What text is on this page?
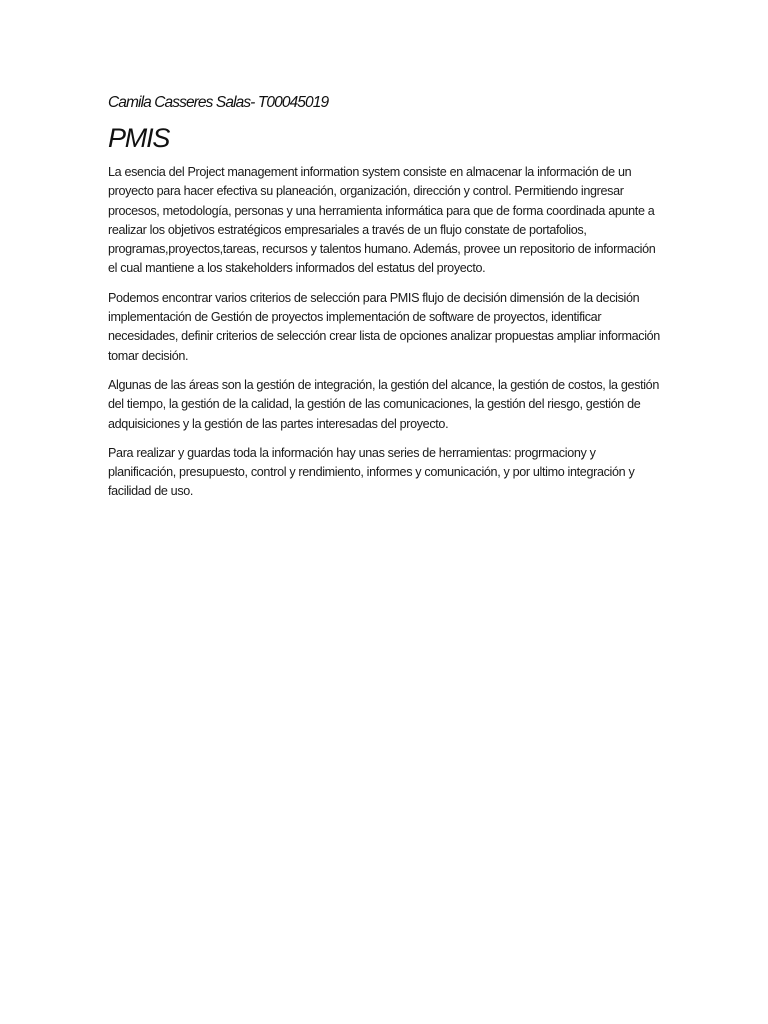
Camila Casseres Salas- T00045019
PMIS

La esencia del Project management information system consiste en almacenar la información de un proyecto para hacer efectiva su planeación, organización, dirección y control. Permitiendo ingresar procesos, metodología, personas y una herramienta informática para que de forma coordinada apunte a realizar los objetivos estratégicos empresariales a través de un flujo constate de portafolios, programas,proyectos,tareas, recursos y talentos humano. Además, provee un repositorio de información el cual mantiene a los stakeholders informados del estatus del proyecto.

Podemos encontrar varios criterios de selección para PMIS flujo de decisión dimensión de la decisión implementación de Gestión de proyectos implementación de software de proyectos, identificar necesidades, definir criterios de selección crear lista de opciones analizar propuestas ampliar información tomar decisión.

Algunas de las áreas son la gestión de integración, la gestión del alcance, la gestión de costos, la gestión del tiempo, la gestión de la calidad, la gestión de las comunicaciones, la gestión del riesgo, gestión de adquisiciones y la gestión de las partes interesadas del proyecto.

Para realizar y guardas toda la información hay unas series de herramientas: progrmaciony y planificación, presupuesto, control y rendimiento, informes y comunicación, y por ultimo integración y facilidad de uso.
